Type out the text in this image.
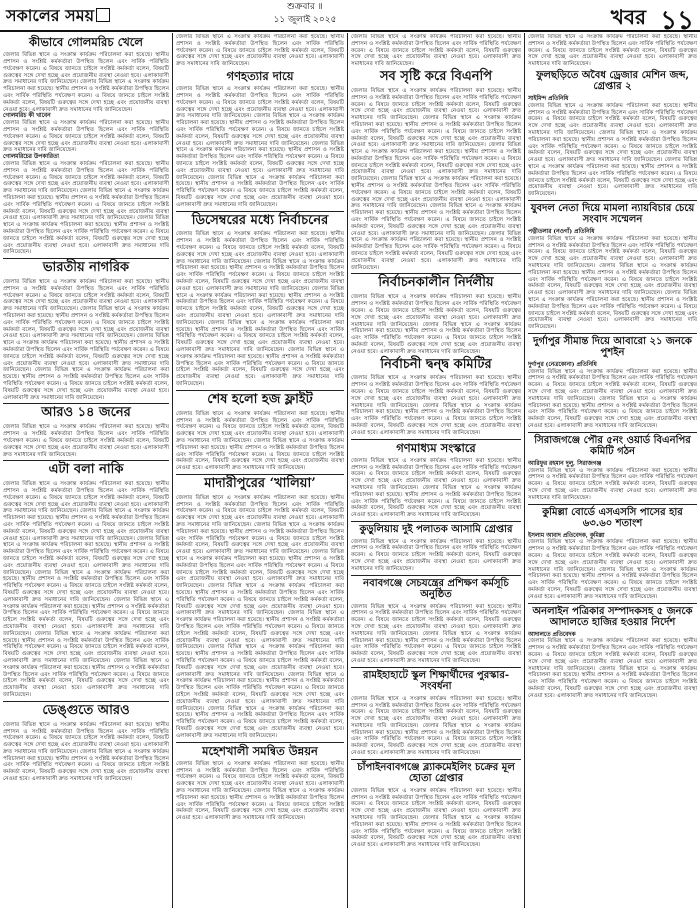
সকালের সময়	শুক্রবার ॥
১১ জুলাই ২০২৫	খবর ১১
কীভাবে গোলমরিচ খেলে
জেলার বিভিন্ন স্থানে এ সংক্রান্ত কার্যক্রম পরিচালনা করা হয়েছে। স্থানীয় প্রশাসন ও সংশ্লিষ্ট কর্মকর্তারা উপস্থিত ছিলেন এবং সার্বিক পরিস্থিতি পর্যবেক্ষণ করেন। এ বিষয়ে জানতে চাইলে সংশ্লিষ্ট কর্মকর্তা বলেন, বিষয়টি গুরুত্বের সঙ্গে দেখা হচ্ছে এবং প্রয়োজনীয় ব্যবস্থা নেওয়া হবে। এলাকাবাসী দ্রুত সমাধানের দাবি জানিয়েছেন। জেলার বিভিন্ন স্থানে এ সংক্রান্ত কার্যক্রম পরিচালনা করা হয়েছে। স্থানীয় প্রশাসন ও সংশ্লিষ্ট কর্মকর্তারা উপস্থিত ছিলেন এবং সার্বিক পরিস্থিতি পর্যবেক্ষণ করেন। এ বিষয়ে জানতে চাইলে সংশ্লিষ্ট কর্মকর্তা বলেন, বিষয়টি গুরুত্বের সঙ্গে দেখা হচ্ছে এবং প্রয়োজনীয় ব্যবস্থা নেওয়া হবে। এলাকাবাসী দ্রুত সমাধানের দাবি জানিয়েছেন।
গোলমরিচ কী খাবেন
জেলার বিভিন্ন স্থানে এ সংক্রান্ত কার্যক্রম পরিচালনা করা হয়েছে। স্থানীয় প্রশাসন ও সংশ্লিষ্ট কর্মকর্তারা উপস্থিত ছিলেন এবং সার্বিক পরিস্থিতি পর্যবেক্ষণ করেন। এ বিষয়ে জানতে চাইলে সংশ্লিষ্ট কর্মকর্তা বলেন, বিষয়টি গুরুত্বের সঙ্গে দেখা হচ্ছে এবং প্রয়োজনীয় ব্যবস্থা নেওয়া হবে। এলাকাবাসী দ্রুত সমাধানের দাবি জানিয়েছেন।
গোলমরিচের উপকারিতা
জেলার বিভিন্ন স্থানে এ সংক্রান্ত কার্যক্রম পরিচালনা করা হয়েছে। স্থানীয় প্রশাসন ও সংশ্লিষ্ট কর্মকর্তারা উপস্থিত ছিলেন এবং সার্বিক পরিস্থিতি পর্যবেক্ষণ করেন। এ বিষয়ে জানতে চাইলে সংশ্লিষ্ট কর্মকর্তা বলেন, বিষয়টি গুরুত্বের সঙ্গে দেখা হচ্ছে এবং প্রয়োজনীয় ব্যবস্থা নেওয়া হবে। এলাকাবাসী দ্রুত সমাধানের দাবি জানিয়েছেন। জেলার বিভিন্ন স্থানে এ সংক্রান্ত কার্যক্রম পরিচালনা করা হয়েছে। স্থানীয় প্রশাসন ও সংশ্লিষ্ট কর্মকর্তারা উপস্থিত ছিলেন এবং সার্বিক পরিস্থিতি পর্যবেক্ষণ করেন। এ বিষয়ে জানতে চাইলে সংশ্লিষ্ট কর্মকর্তা বলেন, বিষয়টি গুরুত্বের সঙ্গে দেখা হচ্ছে এবং প্রয়োজনীয় ব্যবস্থা নেওয়া হবে। এলাকাবাসী দ্রুত সমাধানের দাবি জানিয়েছেন। জেলার বিভিন্ন স্থানে এ সংক্রান্ত কার্যক্রম পরিচালনা করা হয়েছে। স্থানীয় প্রশাসন ও সংশ্লিষ্ট কর্মকর্তারা উপস্থিত ছিলেন এবং সার্বিক পরিস্থিতি পর্যবেক্ষণ করেন। এ বিষয়ে জানতে চাইলে সংশ্লিষ্ট কর্মকর্তা বলেন, বিষয়টি গুরুত্বের সঙ্গে দেখা হচ্ছে এবং প্রয়োজনীয় ব্যবস্থা নেওয়া হবে। এলাকাবাসী দ্রুত সমাধানের দাবি জানিয়েছেন।
ভারতীয় নাগরিক
জেলার বিভিন্ন স্থানে এ সংক্রান্ত কার্যক্রম পরিচালনা করা হয়েছে। স্থানীয় প্রশাসন ও সংশ্লিষ্ট কর্মকর্তারা উপস্থিত ছিলেন এবং সার্বিক পরিস্থিতি পর্যবেক্ষণ করেন। এ বিষয়ে জানতে চাইলে সংশ্লিষ্ট কর্মকর্তা বলেন, বিষয়টি গুরুত্বের সঙ্গে দেখা হচ্ছে এবং প্রয়োজনীয় ব্যবস্থা নেওয়া হবে। এলাকাবাসী দ্রুত সমাধানের দাবি জানিয়েছেন। জেলার বিভিন্ন স্থানে এ সংক্রান্ত কার্যক্রম পরিচালনা করা হয়েছে। স্থানীয় প্রশাসন ও সংশ্লিষ্ট কর্মকর্তারা উপস্থিত ছিলেন এবং সার্বিক পরিস্থিতি পর্যবেক্ষণ করেন। এ বিষয়ে জানতে চাইলে সংশ্লিষ্ট কর্মকর্তা বলেন, বিষয়টি গুরুত্বের সঙ্গে দেখা হচ্ছে এবং প্রয়োজনীয় ব্যবস্থা নেওয়া হবে। এলাকাবাসী দ্রুত সমাধানের দাবি জানিয়েছেন। জেলার বিভিন্ন স্থানে এ সংক্রান্ত কার্যক্রম পরিচালনা করা হয়েছে। স্থানীয় প্রশাসন ও সংশ্লিষ্ট কর্মকর্তারা উপস্থিত ছিলেন এবং সার্বিক পরিস্থিতি পর্যবেক্ষণ করেন। এ বিষয়ে জানতে চাইলে সংশ্লিষ্ট কর্মকর্তা বলেন, বিষয়টি গুরুত্বের সঙ্গে দেখা হচ্ছে এবং প্রয়োজনীয় ব্যবস্থা নেওয়া হবে। এলাকাবাসী দ্রুত সমাধানের দাবি জানিয়েছেন। জেলার বিভিন্ন স্থানে এ সংক্রান্ত কার্যক্রম পরিচালনা করা হয়েছে। স্থানীয় প্রশাসন ও সংশ্লিষ্ট কর্মকর্তারা উপস্থিত ছিলেন এবং সার্বিক পরিস্থিতি পর্যবেক্ষণ করেন। এ বিষয়ে জানতে চাইলে সংশ্লিষ্ট কর্মকর্তা বলেন, বিষয়টি গুরুত্বের সঙ্গে দেখা হচ্ছে এবং প্রয়োজনীয় ব্যবস্থা নেওয়া হবে। এলাকাবাসী দ্রুত সমাধানের দাবি জানিয়েছেন।
আরও ১৪ জনের
জেলার বিভিন্ন স্থানে এ সংক্রান্ত কার্যক্রম পরিচালনা করা হয়েছে। স্থানীয় প্রশাসন ও সংশ্লিষ্ট কর্মকর্তারা উপস্থিত ছিলেন এবং সার্বিক পরিস্থিতি পর্যবেক্ষণ করেন। এ বিষয়ে জানতে চাইলে সংশ্লিষ্ট কর্মকর্তা বলেন, বিষয়টি গুরুত্বের সঙ্গে দেখা হচ্ছে এবং প্রয়োজনীয় ব্যবস্থা নেওয়া হবে। এলাকাবাসী দ্রুত সমাধানের দাবি জানিয়েছেন।
এটা বলা নাকি
জেলার বিভিন্ন স্থানে এ সংক্রান্ত কার্যক্রম পরিচালনা করা হয়েছে। স্থানীয় প্রশাসন ও সংশ্লিষ্ট কর্মকর্তারা উপস্থিত ছিলেন এবং সার্বিক পরিস্থিতি পর্যবেক্ষণ করেন। এ বিষয়ে জানতে চাইলে সংশ্লিষ্ট কর্মকর্তা বলেন, বিষয়টি গুরুত্বের সঙ্গে দেখা হচ্ছে এবং প্রয়োজনীয় ব্যবস্থা নেওয়া হবে। এলাকাবাসী দ্রুত সমাধানের দাবি জানিয়েছেন। জেলার বিভিন্ন স্থানে এ সংক্রান্ত কার্যক্রম পরিচালনা করা হয়েছে। স্থানীয় প্রশাসন ও সংশ্লিষ্ট কর্মকর্তারা উপস্থিত ছিলেন এবং সার্বিক পরিস্থিতি পর্যবেক্ষণ করেন। এ বিষয়ে জানতে চাইলে সংশ্লিষ্ট কর্মকর্তা বলেন, বিষয়টি গুরুত্বের সঙ্গে দেখা হচ্ছে এবং প্রয়োজনীয় ব্যবস্থা নেওয়া হবে। এলাকাবাসী দ্রুত সমাধানের দাবি জানিয়েছেন। জেলার বিভিন্ন স্থানে এ সংক্রান্ত কার্যক্রম পরিচালনা করা হয়েছে। স্থানীয় প্রশাসন ও সংশ্লিষ্ট কর্মকর্তারা উপস্থিত ছিলেন এবং সার্বিক পরিস্থিতি পর্যবেক্ষণ করেন। এ বিষয়ে জানতে চাইলে সংশ্লিষ্ট কর্মকর্তা বলেন, বিষয়টি গুরুত্বের সঙ্গে দেখা হচ্ছে এবং প্রয়োজনীয় ব্যবস্থা নেওয়া হবে। এলাকাবাসী দ্রুত সমাধানের দাবি জানিয়েছেন। জেলার বিভিন্ন স্থানে এ সংক্রান্ত কার্যক্রম পরিচালনা করা হয়েছে। স্থানীয় প্রশাসন ও সংশ্লিষ্ট কর্মকর্তারা উপস্থিত ছিলেন এবং সার্বিক পরিস্থিতি পর্যবেক্ষণ করেন। এ বিষয়ে জানতে চাইলে সংশ্লিষ্ট কর্মকর্তা বলেন, বিষয়টি গুরুত্বের সঙ্গে দেখা হচ্ছে এবং প্রয়োজনীয় ব্যবস্থা নেওয়া হবে। এলাকাবাসী দ্রুত সমাধানের দাবি জানিয়েছেন। জেলার বিভিন্ন স্থানে এ সংক্রান্ত কার্যক্রম পরিচালনা করা হয়েছে। স্থানীয় প্রশাসন ও সংশ্লিষ্ট কর্মকর্তারা উপস্থিত ছিলেন এবং সার্বিক পরিস্থিতি পর্যবেক্ষণ করেন। এ বিষয়ে জানতে চাইলে সংশ্লিষ্ট কর্মকর্তা বলেন, বিষয়টি গুরুত্বের সঙ্গে দেখা হচ্ছে এবং প্রয়োজনীয় ব্যবস্থা নেওয়া হবে। এলাকাবাসী দ্রুত সমাধানের দাবি জানিয়েছেন। জেলার বিভিন্ন স্থানে এ সংক্রান্ত কার্যক্রম পরিচালনা করা হয়েছে। স্থানীয় প্রশাসন ও সংশ্লিষ্ট কর্মকর্তারা উপস্থিত ছিলেন এবং সার্বিক পরিস্থিতি পর্যবেক্ষণ করেন। এ বিষয়ে জানতে চাইলে সংশ্লিষ্ট কর্মকর্তা বলেন, বিষয়টি গুরুত্বের সঙ্গে দেখা হচ্ছে এবং প্রয়োজনীয় ব্যবস্থা নেওয়া হবে। এলাকাবাসী দ্রুত সমাধানের দাবি জানিয়েছেন। জেলার বিভিন্ন স্থানে এ সংক্রান্ত কার্যক্রম পরিচালনা করা হয়েছে। স্থানীয় প্রশাসন ও সংশ্লিষ্ট কর্মকর্তারা উপস্থিত ছিলেন এবং সার্বিক পরিস্থিতি পর্যবেক্ষণ করেন। এ বিষয়ে জানতে চাইলে সংশ্লিষ্ট কর্মকর্তা বলেন, বিষয়টি গুরুত্বের সঙ্গে দেখা হচ্ছে এবং প্রয়োজনীয় ব্যবস্থা নেওয়া হবে। এলাকাবাসী দ্রুত সমাধানের দাবি জানিয়েছেন।
ডেঙ্গুতে আরও
জেলার বিভিন্ন স্থানে এ সংক্রান্ত কার্যক্রম পরিচালনা করা হয়েছে। স্থানীয় প্রশাসন ও সংশ্লিষ্ট কর্মকর্তারা উপস্থিত ছিলেন এবং সার্বিক পরিস্থিতি পর্যবেক্ষণ করেন। এ বিষয়ে জানতে চাইলে সংশ্লিষ্ট কর্মকর্তা বলেন, বিষয়টি গুরুত্বের সঙ্গে দেখা হচ্ছে এবং প্রয়োজনীয় ব্যবস্থা নেওয়া হবে। এলাকাবাসী দ্রুত সমাধানের দাবি জানিয়েছেন। জেলার বিভিন্ন স্থানে এ সংক্রান্ত কার্যক্রম পরিচালনা করা হয়েছে। স্থানীয় প্রশাসন ও সংশ্লিষ্ট কর্মকর্তারা উপস্থিত ছিলেন এবং সার্বিক পরিস্থিতি পর্যবেক্ষণ করেন। এ বিষয়ে জানতে চাইলে সংশ্লিষ্ট কর্মকর্তা বলেন, বিষয়টি গুরুত্বের সঙ্গে দেখা হচ্ছে এবং প্রয়োজনীয় ব্যবস্থা নেওয়া হবে। এলাকাবাসী দ্রুত সমাধানের দাবি জানিয়েছেন।
জেলার বিভিন্ন স্থানে এ সংক্রান্ত কার্যক্রম পরিচালনা করা হয়েছে। স্থানীয় প্রশাসন ও সংশ্লিষ্ট কর্মকর্তারা উপস্থিত ছিলেন এবং সার্বিক পরিস্থিতি পর্যবেক্ষণ করেন। এ বিষয়ে জানতে চাইলে সংশ্লিষ্ট কর্মকর্তা বলেন, বিষয়টি গুরুত্বের সঙ্গে দেখা হচ্ছে এবং প্রয়োজনীয় ব্যবস্থা নেওয়া হবে। এলাকাবাসী দ্রুত সমাধানের দাবি জানিয়েছেন।
গণহত্যার দায়ে
জেলার বিভিন্ন স্থানে এ সংক্রান্ত কার্যক্রম পরিচালনা করা হয়েছে। স্থানীয় প্রশাসন ও সংশ্লিষ্ট কর্মকর্তারা উপস্থিত ছিলেন এবং সার্বিক পরিস্থিতি পর্যবেক্ষণ করেন। এ বিষয়ে জানতে চাইলে সংশ্লিষ্ট কর্মকর্তা বলেন, বিষয়টি গুরুত্বের সঙ্গে দেখা হচ্ছে এবং প্রয়োজনীয় ব্যবস্থা নেওয়া হবে। এলাকাবাসী দ্রুত সমাধানের দাবি জানিয়েছেন। জেলার বিভিন্ন স্থানে এ সংক্রান্ত কার্যক্রম পরিচালনা করা হয়েছে। স্থানীয় প্রশাসন ও সংশ্লিষ্ট কর্মকর্তারা উপস্থিত ছিলেন এবং সার্বিক পরিস্থিতি পর্যবেক্ষণ করেন। এ বিষয়ে জানতে চাইলে সংশ্লিষ্ট কর্মকর্তা বলেন, বিষয়টি গুরুত্বের সঙ্গে দেখা হচ্ছে এবং প্রয়োজনীয় ব্যবস্থা নেওয়া হবে। এলাকাবাসী দ্রুত সমাধানের দাবি জানিয়েছেন। জেলার বিভিন্ন স্থানে এ সংক্রান্ত কার্যক্রম পরিচালনা করা হয়েছে। স্থানীয় প্রশাসন ও সংশ্লিষ্ট কর্মকর্তারা উপস্থিত ছিলেন এবং সার্বিক পরিস্থিতি পর্যবেক্ষণ করেন। এ বিষয়ে জানতে চাইলে সংশ্লিষ্ট কর্মকর্তা বলেন, বিষয়টি গুরুত্বের সঙ্গে দেখা হচ্ছে এবং প্রয়োজনীয় ব্যবস্থা নেওয়া হবে। এলাকাবাসী দ্রুত সমাধানের দাবি জানিয়েছেন। জেলার বিভিন্ন স্থানে এ সংক্রান্ত কার্যক্রম পরিচালনা করা হয়েছে। স্থানীয় প্রশাসন ও সংশ্লিষ্ট কর্মকর্তারা উপস্থিত ছিলেন এবং সার্বিক পরিস্থিতি পর্যবেক্ষণ করেন। এ বিষয়ে জানতে চাইলে সংশ্লিষ্ট কর্মকর্তা বলেন, বিষয়টি গুরুত্বের সঙ্গে দেখা হচ্ছে এবং প্রয়োজনীয় ব্যবস্থা নেওয়া হবে। এলাকাবাসী দ্রুত সমাধানের দাবি জানিয়েছেন।
ডিসেম্বরের মধ্যে নির্বাচনের
জেলার বিভিন্ন স্থানে এ সংক্রান্ত কার্যক্রম পরিচালনা করা হয়েছে। স্থানীয় প্রশাসন ও সংশ্লিষ্ট কর্মকর্তারা উপস্থিত ছিলেন এবং সার্বিক পরিস্থিতি পর্যবেক্ষণ করেন। এ বিষয়ে জানতে চাইলে সংশ্লিষ্ট কর্মকর্তা বলেন, বিষয়টি গুরুত্বের সঙ্গে দেখা হচ্ছে এবং প্রয়োজনীয় ব্যবস্থা নেওয়া হবে। এলাকাবাসী দ্রুত সমাধানের দাবি জানিয়েছেন। জেলার বিভিন্ন স্থানে এ সংক্রান্ত কার্যক্রম পরিচালনা করা হয়েছে। স্থানীয় প্রশাসন ও সংশ্লিষ্ট কর্মকর্তারা উপস্থিত ছিলেন এবং সার্বিক পরিস্থিতি পর্যবেক্ষণ করেন। এ বিষয়ে জানতে চাইলে সংশ্লিষ্ট কর্মকর্তা বলেন, বিষয়টি গুরুত্বের সঙ্গে দেখা হচ্ছে এবং প্রয়োজনীয় ব্যবস্থা নেওয়া হবে। এলাকাবাসী দ্রুত সমাধানের দাবি জানিয়েছেন। জেলার বিভিন্ন স্থানে এ সংক্রান্ত কার্যক্রম পরিচালনা করা হয়েছে। স্থানীয় প্রশাসন ও সংশ্লিষ্ট কর্মকর্তারা উপস্থিত ছিলেন এবং সার্বিক পরিস্থিতি পর্যবেক্ষণ করেন। এ বিষয়ে জানতে চাইলে সংশ্লিষ্ট কর্মকর্তা বলেন, বিষয়টি গুরুত্বের সঙ্গে দেখা হচ্ছে এবং প্রয়োজনীয় ব্যবস্থা নেওয়া হবে। এলাকাবাসী দ্রুত সমাধানের দাবি জানিয়েছেন। জেলার বিভিন্ন স্থানে এ সংক্রান্ত কার্যক্রম পরিচালনা করা হয়েছে। স্থানীয় প্রশাসন ও সংশ্লিষ্ট কর্মকর্তারা উপস্থিত ছিলেন এবং সার্বিক পরিস্থিতি পর্যবেক্ষণ করেন। এ বিষয়ে জানতে চাইলে সংশ্লিষ্ট কর্মকর্তা বলেন, বিষয়টি গুরুত্বের সঙ্গে দেখা হচ্ছে এবং প্রয়োজনীয় ব্যবস্থা নেওয়া হবে। এলাকাবাসী দ্রুত সমাধানের দাবি জানিয়েছেন। জেলার বিভিন্ন স্থানে এ সংক্রান্ত কার্যক্রম পরিচালনা করা হয়েছে। স্থানীয় প্রশাসন ও সংশ্লিষ্ট কর্মকর্তারা উপস্থিত ছিলেন এবং সার্বিক পরিস্থিতি পর্যবেক্ষণ করেন। এ বিষয়ে জানতে চাইলে সংশ্লিষ্ট কর্মকর্তা বলেন, বিষয়টি গুরুত্বের সঙ্গে দেখা হচ্ছে এবং প্রয়োজনীয় ব্যবস্থা নেওয়া হবে। এলাকাবাসী দ্রুত সমাধানের দাবি জানিয়েছেন।
শেষ হলো হজ ফ্লাইট
জেলার বিভিন্ন স্থানে এ সংক্রান্ত কার্যক্রম পরিচালনা করা হয়েছে। স্থানীয় প্রশাসন ও সংশ্লিষ্ট কর্মকর্তারা উপস্থিত ছিলেন এবং সার্বিক পরিস্থিতি পর্যবেক্ষণ করেন। এ বিষয়ে জানতে চাইলে সংশ্লিষ্ট কর্মকর্তা বলেন, বিষয়টি গুরুত্বের সঙ্গে দেখা হচ্ছে এবং প্রয়োজনীয় ব্যবস্থা নেওয়া হবে। এলাকাবাসী দ্রুত সমাধানের দাবি জানিয়েছেন। জেলার বিভিন্ন স্থানে এ সংক্রান্ত কার্যক্রম পরিচালনা করা হয়েছে। স্থানীয় প্রশাসন ও সংশ্লিষ্ট কর্মকর্তারা উপস্থিত ছিলেন এবং সার্বিক পরিস্থিতি পর্যবেক্ষণ করেন। এ বিষয়ে জানতে চাইলে সংশ্লিষ্ট কর্মকর্তা বলেন, বিষয়টি গুরুত্বের সঙ্গে দেখা হচ্ছে এবং প্রয়োজনীয় ব্যবস্থা নেওয়া হবে। এলাকাবাসী দ্রুত সমাধানের দাবি জানিয়েছেন।
মাদারীপুরের ‘খালিয়া’
জেলার বিভিন্ন স্থানে এ সংক্রান্ত কার্যক্রম পরিচালনা করা হয়েছে। স্থানীয় প্রশাসন ও সংশ্লিষ্ট কর্মকর্তারা উপস্থিত ছিলেন এবং সার্বিক পরিস্থিতি পর্যবেক্ষণ করেন। এ বিষয়ে জানতে চাইলে সংশ্লিষ্ট কর্মকর্তা বলেন, বিষয়টি গুরুত্বের সঙ্গে দেখা হচ্ছে এবং প্রয়োজনীয় ব্যবস্থা নেওয়া হবে। এলাকাবাসী দ্রুত সমাধানের দাবি জানিয়েছেন। জেলার বিভিন্ন স্থানে এ সংক্রান্ত কার্যক্রম পরিচালনা করা হয়েছে। স্থানীয় প্রশাসন ও সংশ্লিষ্ট কর্মকর্তারা উপস্থিত ছিলেন এবং সার্বিক পরিস্থিতি পর্যবেক্ষণ করেন। এ বিষয়ে জানতে চাইলে সংশ্লিষ্ট কর্মকর্তা বলেন, বিষয়টি গুরুত্বের সঙ্গে দেখা হচ্ছে এবং প্রয়োজনীয় ব্যবস্থা নেওয়া হবে। এলাকাবাসী দ্রুত সমাধানের দাবি জানিয়েছেন। জেলার বিভিন্ন স্থানে এ সংক্রান্ত কার্যক্রম পরিচালনা করা হয়েছে। স্থানীয় প্রশাসন ও সংশ্লিষ্ট কর্মকর্তারা উপস্থিত ছিলেন এবং সার্বিক পরিস্থিতি পর্যবেক্ষণ করেন। এ বিষয়ে জানতে চাইলে সংশ্লিষ্ট কর্মকর্তা বলেন, বিষয়টি গুরুত্বের সঙ্গে দেখা হচ্ছে এবং প্রয়োজনীয় ব্যবস্থা নেওয়া হবে। এলাকাবাসী দ্রুত সমাধানের দাবি জানিয়েছেন। জেলার বিভিন্ন স্থানে এ সংক্রান্ত কার্যক্রম পরিচালনা করা হয়েছে। স্থানীয় প্রশাসন ও সংশ্লিষ্ট কর্মকর্তারা উপস্থিত ছিলেন এবং সার্বিক পরিস্থিতি পর্যবেক্ষণ করেন। এ বিষয়ে জানতে চাইলে সংশ্লিষ্ট কর্মকর্তা বলেন, বিষয়টি গুরুত্বের সঙ্গে দেখা হচ্ছে এবং প্রয়োজনীয় ব্যবস্থা নেওয়া হবে। এলাকাবাসী দ্রুত সমাধানের দাবি জানিয়েছেন। জেলার বিভিন্ন স্থানে এ সংক্রান্ত কার্যক্রম পরিচালনা করা হয়েছে। স্থানীয় প্রশাসন ও সংশ্লিষ্ট কর্মকর্তারা উপস্থিত ছিলেন এবং সার্বিক পরিস্থিতি পর্যবেক্ষণ করেন। এ বিষয়ে জানতে চাইলে সংশ্লিষ্ট কর্মকর্তা বলেন, বিষয়টি গুরুত্বের সঙ্গে দেখা হচ্ছে এবং প্রয়োজনীয় ব্যবস্থা নেওয়া হবে। এলাকাবাসী দ্রুত সমাধানের দাবি জানিয়েছেন। জেলার বিভিন্ন স্থানে এ সংক্রান্ত কার্যক্রম পরিচালনা করা হয়েছে। স্থানীয় প্রশাসন ও সংশ্লিষ্ট কর্মকর্তারা উপস্থিত ছিলেন এবং সার্বিক পরিস্থিতি পর্যবেক্ষণ করেন। এ বিষয়ে জানতে চাইলে সংশ্লিষ্ট কর্মকর্তা বলেন, বিষয়টি গুরুত্বের সঙ্গে দেখা হচ্ছে এবং প্রয়োজনীয় ব্যবস্থা নেওয়া হবে। এলাকাবাসী দ্রুত সমাধানের দাবি জানিয়েছেন। জেলার বিভিন্ন স্থানে এ সংক্রান্ত কার্যক্রম পরিচালনা করা হয়েছে। স্থানীয় প্রশাসন ও সংশ্লিষ্ট কর্মকর্তারা উপস্থিত ছিলেন এবং সার্বিক পরিস্থিতি পর্যবেক্ষণ করেন। এ বিষয়ে জানতে চাইলে সংশ্লিষ্ট কর্মকর্তা বলেন, বিষয়টি গুরুত্বের সঙ্গে দেখা হচ্ছে এবং প্রয়োজনীয় ব্যবস্থা নেওয়া হবে। এলাকাবাসী দ্রুত সমাধানের দাবি জানিয়েছেন। জেলার বিভিন্ন স্থানে এ সংক্রান্ত কার্যক্রম পরিচালনা করা হয়েছে। স্থানীয় প্রশাসন ও সংশ্লিষ্ট কর্মকর্তারা উপস্থিত ছিলেন এবং সার্বিক পরিস্থিতি পর্যবেক্ষণ করেন। এ বিষয়ে জানতে চাইলে সংশ্লিষ্ট কর্মকর্তা বলেন, বিষয়টি গুরুত্বের সঙ্গে দেখা হচ্ছে এবং প্রয়োজনীয় ব্যবস্থা নেওয়া হবে। এলাকাবাসী দ্রুত সমাধানের দাবি জানিয়েছেন।
মহেশখালী সমন্বিত উন্নয়ন
জেলার বিভিন্ন স্থানে এ সংক্রান্ত কার্যক্রম পরিচালনা করা হয়েছে। স্থানীয় প্রশাসন ও সংশ্লিষ্ট কর্মকর্তারা উপস্থিত ছিলেন এবং সার্বিক পরিস্থিতি পর্যবেক্ষণ করেন। এ বিষয়ে জানতে চাইলে সংশ্লিষ্ট কর্মকর্তা বলেন, বিষয়টি গুরুত্বের সঙ্গে দেখা হচ্ছে এবং প্রয়োজনীয় ব্যবস্থা নেওয়া হবে। এলাকাবাসী দ্রুত সমাধানের দাবি জানিয়েছেন। জেলার বিভিন্ন স্থানে এ সংক্রান্ত কার্যক্রম পরিচালনা করা হয়েছে। স্থানীয় প্রশাসন ও সংশ্লিষ্ট কর্মকর্তারা উপস্থিত ছিলেন এবং সার্বিক পরিস্থিতি পর্যবেক্ষণ করেন। এ বিষয়ে জানতে চাইলে সংশ্লিষ্ট কর্মকর্তা বলেন, বিষয়টি গুরুত্বের সঙ্গে দেখা হচ্ছে এবং প্রয়োজনীয় ব্যবস্থা নেওয়া হবে। এলাকাবাসী দ্রুত সমাধানের দাবি জানিয়েছেন।
জেলার বিভিন্ন স্থানে এ সংক্রান্ত কার্যক্রম পরিচালনা করা হয়েছে। স্থানীয় প্রশাসন ও সংশ্লিষ্ট কর্মকর্তারা উপস্থিত ছিলেন এবং সার্বিক পরিস্থিতি পর্যবেক্ষণ করেন। এ বিষয়ে জানতে চাইলে সংশ্লিষ্ট কর্মকর্তা বলেন, বিষয়টি গুরুত্বের সঙ্গে দেখা হচ্ছে এবং প্রয়োজনীয় ব্যবস্থা নেওয়া হবে। এলাকাবাসী দ্রুত সমাধানের দাবি জানিয়েছেন।
সব সৃষ্টি করে বিএনপি
জেলার বিভিন্ন স্থানে এ সংক্রান্ত কার্যক্রম পরিচালনা করা হয়েছে। স্থানীয় প্রশাসন ও সংশ্লিষ্ট কর্মকর্তারা উপস্থিত ছিলেন এবং সার্বিক পরিস্থিতি পর্যবেক্ষণ করেন। এ বিষয়ে জানতে চাইলে সংশ্লিষ্ট কর্মকর্তা বলেন, বিষয়টি গুরুত্বের সঙ্গে দেখা হচ্ছে এবং প্রয়োজনীয় ব্যবস্থা নেওয়া হবে। এলাকাবাসী দ্রুত সমাধানের দাবি জানিয়েছেন। জেলার বিভিন্ন স্থানে এ সংক্রান্ত কার্যক্রম পরিচালনা করা হয়েছে। স্থানীয় প্রশাসন ও সংশ্লিষ্ট কর্মকর্তারা উপস্থিত ছিলেন এবং সার্বিক পরিস্থিতি পর্যবেক্ষণ করেন। এ বিষয়ে জানতে চাইলে সংশ্লিষ্ট কর্মকর্তা বলেন, বিষয়টি গুরুত্বের সঙ্গে দেখা হচ্ছে এবং প্রয়োজনীয় ব্যবস্থা নেওয়া হবে। এলাকাবাসী দ্রুত সমাধানের দাবি জানিয়েছেন। জেলার বিভিন্ন স্থানে এ সংক্রান্ত কার্যক্রম পরিচালনা করা হয়েছে। স্থানীয় প্রশাসন ও সংশ্লিষ্ট কর্মকর্তারা উপস্থিত ছিলেন এবং সার্বিক পরিস্থিতি পর্যবেক্ষণ করেন। এ বিষয়ে জানতে চাইলে সংশ্লিষ্ট কর্মকর্তা বলেন, বিষয়টি গুরুত্বের সঙ্গে দেখা হচ্ছে এবং প্রয়োজনীয় ব্যবস্থা নেওয়া হবে। এলাকাবাসী দ্রুত সমাধানের দাবি জানিয়েছেন। জেলার বিভিন্ন স্থানে এ সংক্রান্ত কার্যক্রম পরিচালনা করা হয়েছে। স্থানীয় প্রশাসন ও সংশ্লিষ্ট কর্মকর্তারা উপস্থিত ছিলেন এবং সার্বিক পরিস্থিতি পর্যবেক্ষণ করেন। এ বিষয়ে জানতে চাইলে সংশ্লিষ্ট কর্মকর্তা বলেন, বিষয়টি গুরুত্বের সঙ্গে দেখা হচ্ছে এবং প্রয়োজনীয় ব্যবস্থা নেওয়া হবে। এলাকাবাসী দ্রুত সমাধানের দাবি জানিয়েছেন। জেলার বিভিন্ন স্থানে এ সংক্রান্ত কার্যক্রম পরিচালনা করা হয়েছে। স্থানীয় প্রশাসন ও সংশ্লিষ্ট কর্মকর্তারা উপস্থিত ছিলেন এবং সার্বিক পরিস্থিতি পর্যবেক্ষণ করেন। এ বিষয়ে জানতে চাইলে সংশ্লিষ্ট কর্মকর্তা বলেন, বিষয়টি গুরুত্বের সঙ্গে দেখা হচ্ছে এবং প্রয়োজনীয় ব্যবস্থা নেওয়া হবে। এলাকাবাসী দ্রুত সমাধানের দাবি জানিয়েছেন। জেলার বিভিন্ন স্থানে এ সংক্রান্ত কার্যক্রম পরিচালনা করা হয়েছে। স্থানীয় প্রশাসন ও সংশ্লিষ্ট কর্মকর্তারা উপস্থিত ছিলেন এবং সার্বিক পরিস্থিতি পর্যবেক্ষণ করেন। এ বিষয়ে জানতে চাইলে সংশ্লিষ্ট কর্মকর্তা বলেন, বিষয়টি গুরুত্বের সঙ্গে দেখা হচ্ছে এবং প্রয়োজনীয় ব্যবস্থা নেওয়া হবে। এলাকাবাসী দ্রুত সমাধানের দাবি জানিয়েছেন।
নির্বাচনকালীন নির্দলীয়
জেলার বিভিন্ন স্থানে এ সংক্রান্ত কার্যক্রম পরিচালনা করা হয়েছে। স্থানীয় প্রশাসন ও সংশ্লিষ্ট কর্মকর্তারা উপস্থিত ছিলেন এবং সার্বিক পরিস্থিতি পর্যবেক্ষণ করেন। এ বিষয়ে জানতে চাইলে সংশ্লিষ্ট কর্মকর্তা বলেন, বিষয়টি গুরুত্বের সঙ্গে দেখা হচ্ছে এবং প্রয়োজনীয় ব্যবস্থা নেওয়া হবে। এলাকাবাসী দ্রুত সমাধানের দাবি জানিয়েছেন। জেলার বিভিন্ন স্থানে এ সংক্রান্ত কার্যক্রম পরিচালনা করা হয়েছে। স্থানীয় প্রশাসন ও সংশ্লিষ্ট কর্মকর্তারা উপস্থিত ছিলেন এবং সার্বিক পরিস্থিতি পর্যবেক্ষণ করেন। এ বিষয়ে জানতে চাইলে সংশ্লিষ্ট কর্মকর্তা বলেন, বিষয়টি গুরুত্বের সঙ্গে দেখা হচ্ছে এবং প্রয়োজনীয় ব্যবস্থা নেওয়া হবে। এলাকাবাসী দ্রুত সমাধানের দাবি জানিয়েছেন।
নির্বাচনী দ্বন্দ্ব কমিটির
জেলার বিভিন্ন স্থানে এ সংক্রান্ত কার্যক্রম পরিচালনা করা হয়েছে। স্থানীয় প্রশাসন ও সংশ্লিষ্ট কর্মকর্তারা উপস্থিত ছিলেন এবং সার্বিক পরিস্থিতি পর্যবেক্ষণ করেন। এ বিষয়ে জানতে চাইলে সংশ্লিষ্ট কর্মকর্তা বলেন, বিষয়টি গুরুত্বের সঙ্গে দেখা হচ্ছে এবং প্রয়োজনীয় ব্যবস্থা নেওয়া হবে। এলাকাবাসী দ্রুত সমাধানের দাবি জানিয়েছেন। জেলার বিভিন্ন স্থানে এ সংক্রান্ত কার্যক্রম পরিচালনা করা হয়েছে। স্থানীয় প্রশাসন ও সংশ্লিষ্ট কর্মকর্তারা উপস্থিত ছিলেন এবং সার্বিক পরিস্থিতি পর্যবেক্ষণ করেন। এ বিষয়ে জানতে চাইলে সংশ্লিষ্ট কর্মকর্তা বলেন, বিষয়টি গুরুত্বের সঙ্গে দেখা হচ্ছে এবং প্রয়োজনীয় ব্যবস্থা নেওয়া হবে। এলাকাবাসী দ্রুত সমাধানের দাবি জানিয়েছেন।
গণমাধ্যম সংস্কারে
জেলার বিভিন্ন স্থানে এ সংক্রান্ত কার্যক্রম পরিচালনা করা হয়েছে। স্থানীয় প্রশাসন ও সংশ্লিষ্ট কর্মকর্তারা উপস্থিত ছিলেন এবং সার্বিক পরিস্থিতি পর্যবেক্ষণ করেন। এ বিষয়ে জানতে চাইলে সংশ্লিষ্ট কর্মকর্তা বলেন, বিষয়টি গুরুত্বের সঙ্গে দেখা হচ্ছে এবং প্রয়োজনীয় ব্যবস্থা নেওয়া হবে। এলাকাবাসী দ্রুত সমাধানের দাবি জানিয়েছেন। জেলার বিভিন্ন স্থানে এ সংক্রান্ত কার্যক্রম পরিচালনা করা হয়েছে। স্থানীয় প্রশাসন ও সংশ্লিষ্ট কর্মকর্তারা উপস্থিত ছিলেন এবং সার্বিক পরিস্থিতি পর্যবেক্ষণ করেন। এ বিষয়ে জানতে চাইলে সংশ্লিষ্ট কর্মকর্তা বলেন, বিষয়টি গুরুত্বের সঙ্গে দেখা হচ্ছে এবং প্রয়োজনীয় ব্যবস্থা নেওয়া হবে। এলাকাবাসী দ্রুত সমাধানের দাবি জানিয়েছেন।
কুড়ুলিয়ায় দুই পলাতক আসামি গ্রেপ্তার
জেলার বিভিন্ন স্থানে এ সংক্রান্ত কার্যক্রম পরিচালনা করা হয়েছে। স্থানীয় প্রশাসন ও সংশ্লিষ্ট কর্মকর্তারা উপস্থিত ছিলেন এবং সার্বিক পরিস্থিতি পর্যবেক্ষণ করেন। এ বিষয়ে জানতে চাইলে সংশ্লিষ্ট কর্মকর্তা বলেন, বিষয়টি গুরুত্বের সঙ্গে দেখা হচ্ছে এবং প্রয়োজনীয় ব্যবস্থা নেওয়া হবে। এলাকাবাসী দ্রুত সমাধানের দাবি জানিয়েছেন।
নবাবগঞ্জে সেচযন্ত্রের প্রশিক্ষণ কর্মসূচি অনুষ্ঠিত
জেলার বিভিন্ন স্থানে এ সংক্রান্ত কার্যক্রম পরিচালনা করা হয়েছে। স্থানীয় প্রশাসন ও সংশ্লিষ্ট কর্মকর্তারা উপস্থিত ছিলেন এবং সার্বিক পরিস্থিতি পর্যবেক্ষণ করেন। এ বিষয়ে জানতে চাইলে সংশ্লিষ্ট কর্মকর্তা বলেন, বিষয়টি গুরুত্বের সঙ্গে দেখা হচ্ছে এবং প্রয়োজনীয় ব্যবস্থা নেওয়া হবে। এলাকাবাসী দ্রুত সমাধানের দাবি জানিয়েছেন। জেলার বিভিন্ন স্থানে এ সংক্রান্ত কার্যক্রম পরিচালনা করা হয়েছে। স্থানীয় প্রশাসন ও সংশ্লিষ্ট কর্মকর্তারা উপস্থিত ছিলেন এবং সার্বিক পরিস্থিতি পর্যবেক্ষণ করেন। এ বিষয়ে জানতে চাইলে সংশ্লিষ্ট কর্মকর্তা বলেন, বিষয়টি গুরুত্বের সঙ্গে দেখা হচ্ছে এবং প্রয়োজনীয় ব্যবস্থা নেওয়া হবে। এলাকাবাসী দ্রুত সমাধানের দাবি জানিয়েছেন।
রামইহাহাটে স্কুল শিক্ষার্থীদের পুরস্কার-সংবর্ধনা
জেলার বিভিন্ন স্থানে এ সংক্রান্ত কার্যক্রম পরিচালনা করা হয়েছে। স্থানীয় প্রশাসন ও সংশ্লিষ্ট কর্মকর্তারা উপস্থিত ছিলেন এবং সার্বিক পরিস্থিতি পর্যবেক্ষণ করেন। এ বিষয়ে জানতে চাইলে সংশ্লিষ্ট কর্মকর্তা বলেন, বিষয়টি গুরুত্বের সঙ্গে দেখা হচ্ছে এবং প্রয়োজনীয় ব্যবস্থা নেওয়া হবে। এলাকাবাসী দ্রুত সমাধানের দাবি জানিয়েছেন। জেলার বিভিন্ন স্থানে এ সংক্রান্ত কার্যক্রম পরিচালনা করা হয়েছে। স্থানীয় প্রশাসন ও সংশ্লিষ্ট কর্মকর্তারা উপস্থিত ছিলেন এবং সার্বিক পরিস্থিতি পর্যবেক্ষণ করেন। এ বিষয়ে জানতে চাইলে সংশ্লিষ্ট কর্মকর্তা বলেন, বিষয়টি গুরুত্বের সঙ্গে দেখা হচ্ছে এবং প্রয়োজনীয় ব্যবস্থা নেওয়া হবে। এলাকাবাসী দ্রুত সমাধানের দাবি জানিয়েছেন।
চাঁপাইনবাবগঞ্জে ব্ল্যাকমেইলিং চক্রের মূল হোতা গ্রেপ্তার
জেলার বিভিন্ন স্থানে এ সংক্রান্ত কার্যক্রম পরিচালনা করা হয়েছে। স্থানীয় প্রশাসন ও সংশ্লিষ্ট কর্মকর্তারা উপস্থিত ছিলেন এবং সার্বিক পরিস্থিতি পর্যবেক্ষণ করেন। এ বিষয়ে জানতে চাইলে সংশ্লিষ্ট কর্মকর্তা বলেন, বিষয়টি গুরুত্বের সঙ্গে দেখা হচ্ছে এবং প্রয়োজনীয় ব্যবস্থা নেওয়া হবে। এলাকাবাসী দ্রুত সমাধানের দাবি জানিয়েছেন। জেলার বিভিন্ন স্থানে এ সংক্রান্ত কার্যক্রম পরিচালনা করা হয়েছে। স্থানীয় প্রশাসন ও সংশ্লিষ্ট কর্মকর্তারা উপস্থিত ছিলেন এবং সার্বিক পরিস্থিতি পর্যবেক্ষণ করেন। এ বিষয়ে জানতে চাইলে সংশ্লিষ্ট কর্মকর্তা বলেন, বিষয়টি গুরুত্বের সঙ্গে দেখা হচ্ছে এবং প্রয়োজনীয় ব্যবস্থা নেওয়া হবে। এলাকাবাসী দ্রুত সমাধানের দাবি জানিয়েছেন।
জেলার বিভিন্ন স্থানে এ সংক্রান্ত কার্যক্রম পরিচালনা করা হয়েছে। স্থানীয় প্রশাসন ও সংশ্লিষ্ট কর্মকর্তারা উপস্থিত ছিলেন এবং সার্বিক পরিস্থিতি পর্যবেক্ষণ করেন। এ বিষয়ে জানতে চাইলে সংশ্লিষ্ট কর্মকর্তা বলেন, বিষয়টি গুরুত্বের সঙ্গে দেখা হচ্ছে এবং প্রয়োজনীয় ব্যবস্থা নেওয়া হবে। এলাকাবাসী দ্রুত সমাধানের দাবি জানিয়েছেন।
ফুলছড়িতে অবৈধ ড্রেজার মেশিন জব্দ, গ্রেপ্তার ২
সাইমিন্দ প্রতিনিধি
জেলার বিভিন্ন স্থানে এ সংক্রান্ত কার্যক্রম পরিচালনা করা হয়েছে। স্থানীয় প্রশাসন ও সংশ্লিষ্ট কর্মকর্তারা উপস্থিত ছিলেন এবং সার্বিক পরিস্থিতি পর্যবেক্ষণ করেন। এ বিষয়ে জানতে চাইলে সংশ্লিষ্ট কর্মকর্তা বলেন, বিষয়টি গুরুত্বের সঙ্গে দেখা হচ্ছে এবং প্রয়োজনীয় ব্যবস্থা নেওয়া হবে। এলাকাবাসী দ্রুত সমাধানের দাবি জানিয়েছেন। জেলার বিভিন্ন স্থানে এ সংক্রান্ত কার্যক্রম পরিচালনা করা হয়েছে। স্থানীয় প্রশাসন ও সংশ্লিষ্ট কর্মকর্তারা উপস্থিত ছিলেন এবং সার্বিক পরিস্থিতি পর্যবেক্ষণ করেন। এ বিষয়ে জানতে চাইলে সংশ্লিষ্ট কর্মকর্তা বলেন, বিষয়টি গুরুত্বের সঙ্গে দেখা হচ্ছে এবং প্রয়োজনীয় ব্যবস্থা নেওয়া হবে। এলাকাবাসী দ্রুত সমাধানের দাবি জানিয়েছেন। জেলার বিভিন্ন স্থানে এ সংক্রান্ত কার্যক্রম পরিচালনা করা হয়েছে। স্থানীয় প্রশাসন ও সংশ্লিষ্ট কর্মকর্তারা উপস্থিত ছিলেন এবং সার্বিক পরিস্থিতি পর্যবেক্ষণ করেন। এ বিষয়ে জানতে চাইলে সংশ্লিষ্ট কর্মকর্তা বলেন, বিষয়টি গুরুত্বের সঙ্গে দেখা হচ্ছে এবং প্রয়োজনীয় ব্যবস্থা নেওয়া হবে। এলাকাবাসী দ্রুত সমাধানের দাবি জানিয়েছেন।
যুবদল নেতা দিয়ে মামলা ন্যায়বিচার চেয়ে সংবাদ সম্মেলন
পত্নীতলার (নওগাঁ) প্রতিনিধি
জেলার বিভিন্ন স্থানে এ সংক্রান্ত কার্যক্রম পরিচালনা করা হয়েছে। স্থানীয় প্রশাসন ও সংশ্লিষ্ট কর্মকর্তারা উপস্থিত ছিলেন এবং সার্বিক পরিস্থিতি পর্যবেক্ষণ করেন। এ বিষয়ে জানতে চাইলে সংশ্লিষ্ট কর্মকর্তা বলেন, বিষয়টি গুরুত্বের সঙ্গে দেখা হচ্ছে এবং প্রয়োজনীয় ব্যবস্থা নেওয়া হবে। এলাকাবাসী দ্রুত সমাধানের দাবি জানিয়েছেন। জেলার বিভিন্ন স্থানে এ সংক্রান্ত কার্যক্রম পরিচালনা করা হয়েছে। স্থানীয় প্রশাসন ও সংশ্লিষ্ট কর্মকর্তারা উপস্থিত ছিলেন এবং সার্বিক পরিস্থিতি পর্যবেক্ষণ করেন। এ বিষয়ে জানতে চাইলে সংশ্লিষ্ট কর্মকর্তা বলেন, বিষয়টি গুরুত্বের সঙ্গে দেখা হচ্ছে এবং প্রয়োজনীয় ব্যবস্থা নেওয়া হবে। এলাকাবাসী দ্রুত সমাধানের দাবি জানিয়েছেন। জেলার বিভিন্ন স্থানে এ সংক্রান্ত কার্যক্রম পরিচালনা করা হয়েছে। স্থানীয় প্রশাসন ও সংশ্লিষ্ট কর্মকর্তারা উপস্থিত ছিলেন এবং সার্বিক পরিস্থিতি পর্যবেক্ষণ করেন। এ বিষয়ে জানতে চাইলে সংশ্লিষ্ট কর্মকর্তা বলেন, বিষয়টি গুরুত্বের সঙ্গে দেখা হচ্ছে এবং প্রয়োজনীয় ব্যবস্থা নেওয়া হবে। এলাকাবাসী দ্রুত সমাধানের দাবি জানিয়েছেন।
দুর্গাপুর সীমান্ত দিয়ে আবারো ২১ জনকে পুশইন
দুর্গাপুর (নেত্রকোনা) প্রতিনিধি
জেলার বিভিন্ন স্থানে এ সংক্রান্ত কার্যক্রম পরিচালনা করা হয়েছে। স্থানীয় প্রশাসন ও সংশ্লিষ্ট কর্মকর্তারা উপস্থিত ছিলেন এবং সার্বিক পরিস্থিতি পর্যবেক্ষণ করেন। এ বিষয়ে জানতে চাইলে সংশ্লিষ্ট কর্মকর্তা বলেন, বিষয়টি গুরুত্বের সঙ্গে দেখা হচ্ছে এবং প্রয়োজনীয় ব্যবস্থা নেওয়া হবে। এলাকাবাসী দ্রুত সমাধানের দাবি জানিয়েছেন। জেলার বিভিন্ন স্থানে এ সংক্রান্ত কার্যক্রম পরিচালনা করা হয়েছে। স্থানীয় প্রশাসন ও সংশ্লিষ্ট কর্মকর্তারা উপস্থিত ছিলেন এবং সার্বিক পরিস্থিতি পর্যবেক্ষণ করেন। এ বিষয়ে জানতে চাইলে সংশ্লিষ্ট কর্মকর্তা বলেন, বিষয়টি গুরুত্বের সঙ্গে দেখা হচ্ছে এবং প্রয়োজনীয় ব্যবস্থা নেওয়া হবে। এলাকাবাসী দ্রুত সমাধানের দাবি জানিয়েছেন।
সিরাজগঞ্জে পৌর ৫নং ওয়ার্ড বিএনপির কমিটি গঠন
আরিফুর রহমান দুলু, সিরাজগঞ্জ
জেলার বিভিন্ন স্থানে এ সংক্রান্ত কার্যক্রম পরিচালনা করা হয়েছে। স্থানীয় প্রশাসন ও সংশ্লিষ্ট কর্মকর্তারা উপস্থিত ছিলেন এবং সার্বিক পরিস্থিতি পর্যবেক্ষণ করেন। এ বিষয়ে জানতে চাইলে সংশ্লিষ্ট কর্মকর্তা বলেন, বিষয়টি গুরুত্বের সঙ্গে দেখা হচ্ছে এবং প্রয়োজনীয় ব্যবস্থা নেওয়া হবে। এলাকাবাসী দ্রুত সমাধানের দাবি জানিয়েছেন।
কুমিল্লা বোর্ডে এসএসসি পাসের হার ৬৩.৬০ শতাংশ
ইসলাম আবাদ প্রতিবেদক, কুমিল্লা
জেলার বিভিন্ন স্থানে এ সংক্রান্ত কার্যক্রম পরিচালনা করা হয়েছে। স্থানীয় প্রশাসন ও সংশ্লিষ্ট কর্মকর্তারা উপস্থিত ছিলেন এবং সার্বিক পরিস্থিতি পর্যবেক্ষণ করেন। এ বিষয়ে জানতে চাইলে সংশ্লিষ্ট কর্মকর্তা বলেন, বিষয়টি গুরুত্বের সঙ্গে দেখা হচ্ছে এবং প্রয়োজনীয় ব্যবস্থা নেওয়া হবে। এলাকাবাসী দ্রুত সমাধানের দাবি জানিয়েছেন। জেলার বিভিন্ন স্থানে এ সংক্রান্ত কার্যক্রম পরিচালনা করা হয়েছে। স্থানীয় প্রশাসন ও সংশ্লিষ্ট কর্মকর্তারা উপস্থিত ছিলেন এবং সার্বিক পরিস্থিতি পর্যবেক্ষণ করেন। এ বিষয়ে জানতে চাইলে সংশ্লিষ্ট কর্মকর্তা বলেন, বিষয়টি গুরুত্বের সঙ্গে দেখা হচ্ছে এবং প্রয়োজনীয় ব্যবস্থা নেওয়া হবে। এলাকাবাসী দ্রুত সমাধানের দাবি জানিয়েছেন।
অনলাইন পত্রিকার সম্পাদকসহ ৫ জনকে আদালতে হাজির হওয়ার নির্দেশ
আদালতে প্রতিবেদক
জেলার বিভিন্ন স্থানে এ সংক্রান্ত কার্যক্রম পরিচালনা করা হয়েছে। স্থানীয় প্রশাসন ও সংশ্লিষ্ট কর্মকর্তারা উপস্থিত ছিলেন এবং সার্বিক পরিস্থিতি পর্যবেক্ষণ করেন। এ বিষয়ে জানতে চাইলে সংশ্লিষ্ট কর্মকর্তা বলেন, বিষয়টি গুরুত্বের সঙ্গে দেখা হচ্ছে এবং প্রয়োজনীয় ব্যবস্থা নেওয়া হবে। এলাকাবাসী দ্রুত সমাধানের দাবি জানিয়েছেন। জেলার বিভিন্ন স্থানে এ সংক্রান্ত কার্যক্রম পরিচালনা করা হয়েছে। স্থানীয় প্রশাসন ও সংশ্লিষ্ট কর্মকর্তারা উপস্থিত ছিলেন এবং সার্বিক পরিস্থিতি পর্যবেক্ষণ করেন। এ বিষয়ে জানতে চাইলে সংশ্লিষ্ট কর্মকর্তা বলেন, বিষয়টি গুরুত্বের সঙ্গে দেখা হচ্ছে এবং প্রয়োজনীয় ব্যবস্থা নেওয়া হবে। এলাকাবাসী দ্রুত সমাধানের দাবি জানিয়েছেন।
